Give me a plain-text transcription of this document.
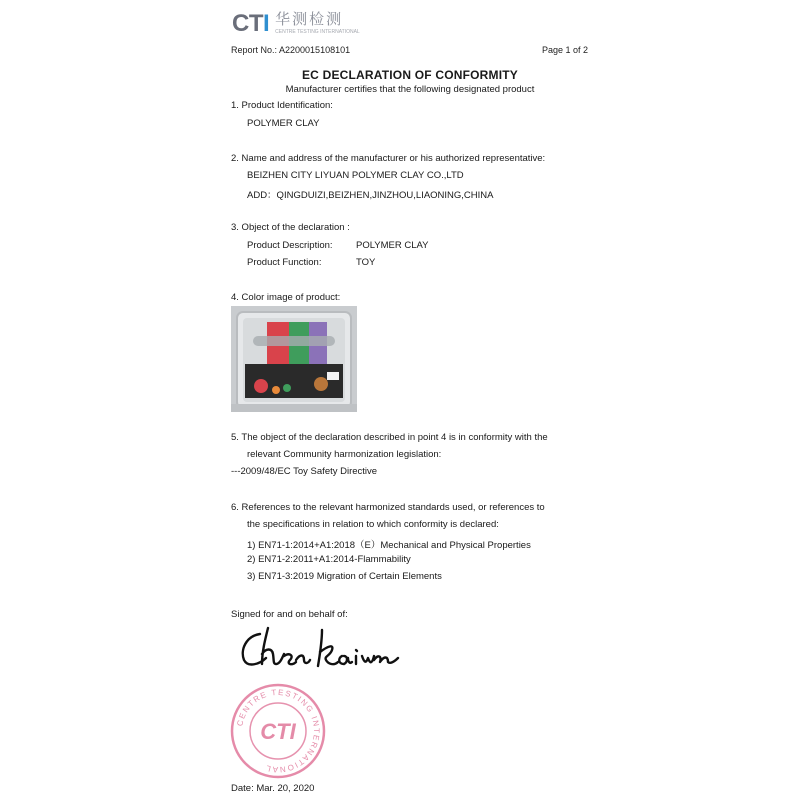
CTI 华测检测
CENTRE TESTING INTERNATIONAL
Report No.: A2200015108101	Page 1 of 2
EC DECLARATION OF CONFORMITY
Manufacturer certifies that the following designated product
1. Product Identification:
POLYMER CLAY
2. Name and address of the manufacturer or his authorized representative:
BEIZHEN CITY LIYUAN POLYMER CLAY CO.,LTD
ADD：QINGDUIZI,BEIZHEN,JINZHOU,LIAONING,CHINA
3. Object of the declaration :
Product Description: POLYMER CLAY
Product Function:	TOY
4. Color image of product:
5. The object of the declaration described in point 4 is in conformity with the
relevant Community harmonization legislation:
---2009/48/EC Toy Safety Directive
6. References to the relevant harmonized standards used, or references to
the specifications in relation to which conformity is declared:
1) EN71-1:2014+A1:2018（E）Mechanical and Physical Properties
2) EN71-2:2011+A1:2014-Flammability
3) EN71-3:2019 Migration of Certain Elements
Signed for and on behalf of:
CENTRE TESTING INTERNATIONAL
CTI
Date: Mar. 20, 2020
